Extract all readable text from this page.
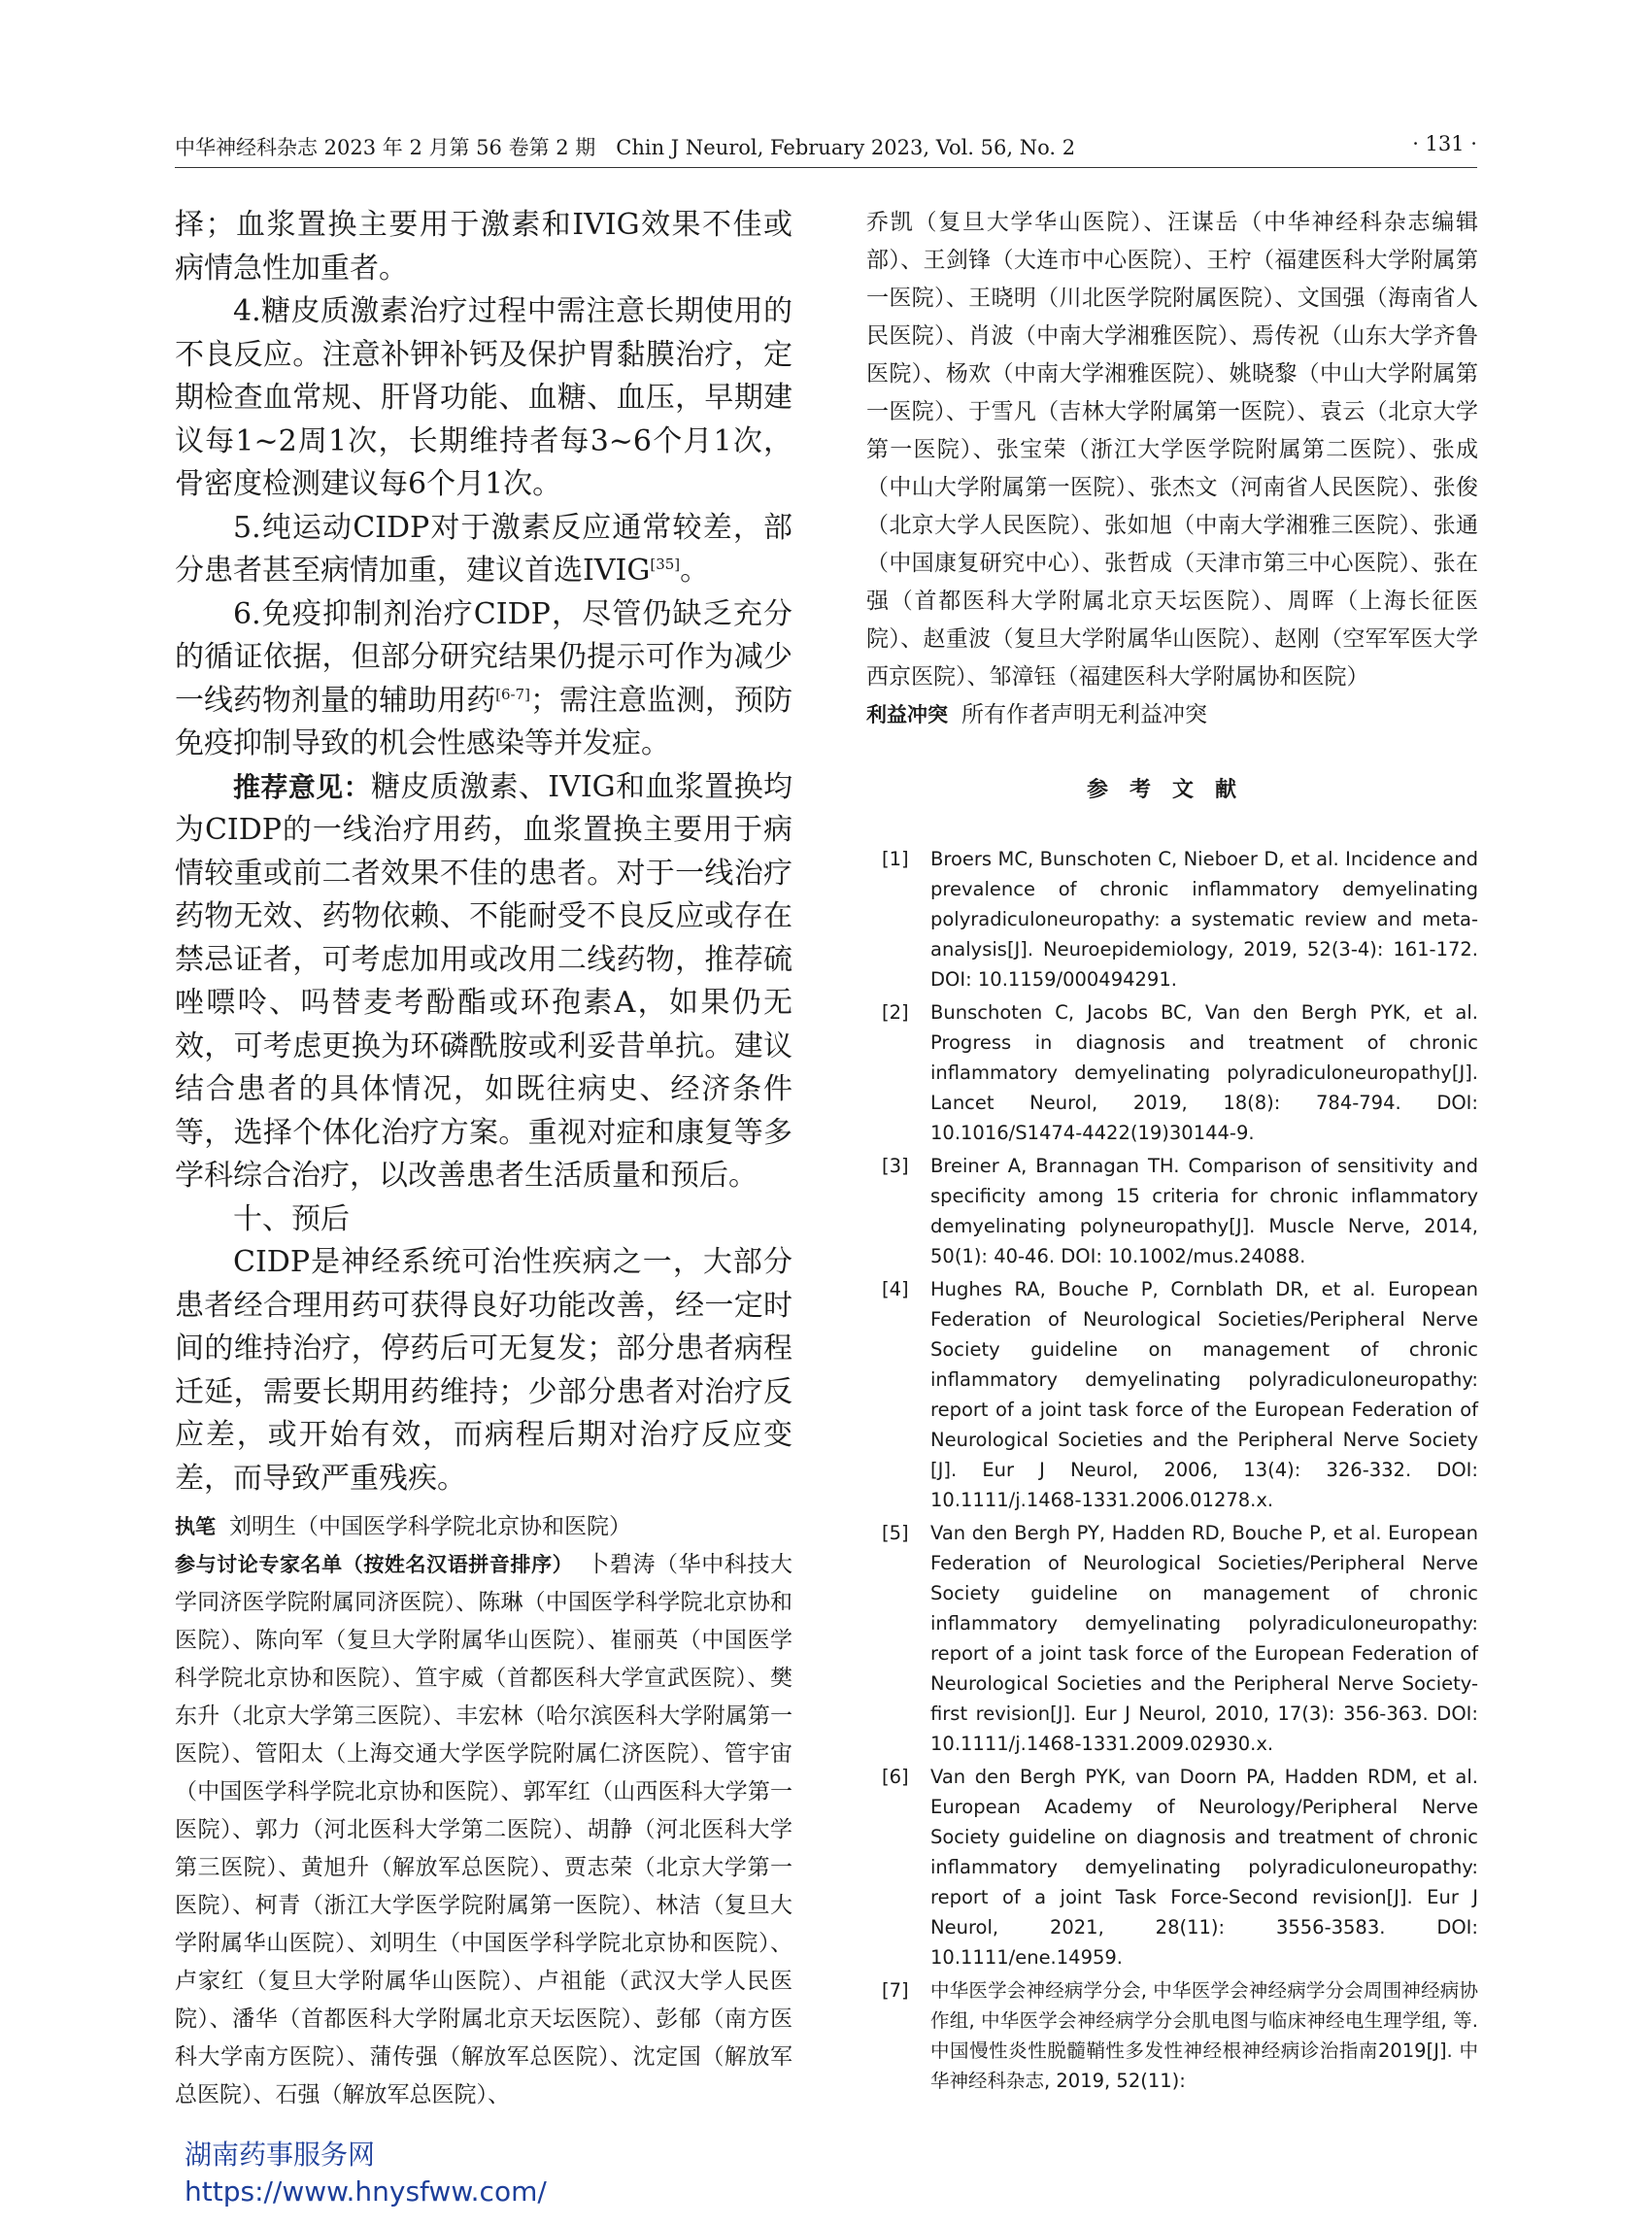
中华神经科杂志 2023 年 2 月第 56 卷第 2 期　Chin J Neurol, February 2023, Vol. 56, No. 2	· 131 ·

择；血浆置换主要用于激素和IVIG效果不佳或病情急性加重者。

4.糖皮质激素治疗过程中需注意长期使用的不良反应。注意补钾补钙及保护胃黏膜治疗，定期检查血常规、肝肾功能、血糖、血压，早期建议每1~2周1次，长期维持者每3~6个月1次，骨密度检测建议每6个月1次。

5.纯运动CIDP对于激素反应通常较差，部分患者甚至病情加重，建议首选IVIG[35]。

6.免疫抑制剂治疗CIDP，尽管仍缺乏充分的循证依据，但部分研究结果仍提示可作为减少一线药物剂量的辅助用药[6-7]；需注意监测，预防免疫抑制导致的机会性感染等并发症。

推荐意见：糖皮质激素、IVIG和血浆置换均为CIDP的一线治疗用药，血浆置换主要用于病情较重或前二者效果不佳的患者。对于一线治疗药物无效、药物依赖、不能耐受不良反应或存在禁忌证者，可考虑加用或改用二线药物，推荐硫唑嘌呤、吗替麦考酚酯或环孢素A，如果仍无效，可考虑更换为环磷酰胺或利妥昔单抗。建议结合患者的具体情况，如既往病史、经济条件等，选择个体化治疗方案。重视对症和康复等多学科综合治疗，以改善患者生活质量和预后。

十、预后

CIDP是神经系统可治性疾病之一，大部分患者经合理用药可获得良好功能改善，经一定时间的维持治疗，停药后可无复发；部分患者病程迁延，需要长期用药维持；少部分患者对治疗反应差，或开始有效，而病程后期对治疗反应变差，而导致严重残疾。

执笔 刘明生（中国医学科学院北京协和医院）

参与讨论专家名单（按姓名汉语拼音排序） 卜碧涛（华中科技大学同济医学院附属同济医院）、陈琳（中国医学科学院北京协和医院）、陈向军（复旦大学附属华山医院）、崔丽英（中国医学科学院北京协和医院）、笪宇威（首都医科大学宣武医院）、樊东升（北京大学第三医院）、丰宏林（哈尔滨医科大学附属第一医院）、管阳太（上海交通大学医学院附属仁济医院）、管宇宙（中国医学科学院北京协和医院）、郭军红（山西医科大学第一医院）、郭力（河北医科大学第二医院）、胡静（河北医科大学第三医院）、黄旭升（解放军总医院）、贾志荣（北京大学第一医院）、柯青（浙江大学医学院附属第一医院）、林洁（复旦大学附属华山医院）、刘明生（中国医学科学院北京协和医院）、卢家红（复旦大学附属华山医院）、卢祖能（武汉大学人民医院）、潘华（首都医科大学附属北京天坛医院）、彭郁（南方医科大学南方医院）、蒲传强（解放军总医院）、沈定国（解放军总医院）、石强（解放军总医院）、

乔凯（复旦大学华山医院）、汪谋岳（中华神经科杂志编辑部）、王剑锋（大连市中心医院）、王柠（福建医科大学附属第一医院）、王晓明（川北医学院附属医院）、文国强（海南省人民医院）、肖波（中南大学湘雅医院）、焉传祝（山东大学齐鲁医院）、杨欢（中南大学湘雅医院）、姚晓黎（中山大学附属第一医院）、于雪凡（吉林大学附属第一医院）、袁云（北京大学第一医院）、张宝荣（浙江大学医学院附属第二医院）、张成（中山大学附属第一医院）、张杰文（河南省人民医院）、张俊（北京大学人民医院）、张如旭（中南大学湘雅三医院）、张通（中国康复研究中心）、张哲成（天津市第三中心医院）、张在强（首都医科大学附属北京天坛医院）、周晖（上海长征医院）、赵重波（复旦大学附属华山医院）、赵刚（空军军医大学西京医院）、邹漳钰（福建医科大学附属协和医院）

利益冲突 所有作者声明无利益冲突

参考文献
[1]	Broers MC, Bunschoten C, Nieboer D, et al. Incidence and prevalence of chronic inflammatory demyelinating polyradiculoneuropathy: a systematic review and meta-analysis[J]. Neuroepidemiology, 2019, 52(3-4): 161-172. DOI: 10.1159/000494291.
[2]	Bunschoten C, Jacobs BC, Van den Bergh PYK, et al. Progress in diagnosis and treatment of chronic inflammatory demyelinating polyradiculoneuropathy[J]. Lancet Neurol, 2019, 18(8): 784-794. DOI: 10.1016/S1474-4422(19)30144-9.
[3]	Breiner A, Brannagan TH. Comparison of sensitivity and specificity among 15 criteria for chronic inflammatory demyelinating polyneuropathy[J]. Muscle Nerve, 2014, 50(1): 40-46. DOI: 10.1002/mus.24088.
[4]	Hughes RA, Bouche P, Cornblath DR, et al. European Federation of Neurological Societies/Peripheral Nerve Society guideline on management of chronic inflammatory demyelinating polyradiculoneuropathy: report of a joint task force of the European Federation of Neurological Societies and the Peripheral Nerve Society [J]. Eur J Neurol, 2006, 13(4): 326-332. DOI: 10.1111/j.1468-1331.2006.01278.x.
[5]	Van den Bergh PY, Hadden RD, Bouche P, et al. European Federation of Neurological Societies/Peripheral Nerve Society guideline on management of chronic inflammatory demyelinating polyradiculoneuropathy: report of a joint task force of the European Federation of Neurological Societies and the Peripheral Nerve Society-first revision[J]. Eur J Neurol, 2010, 17(3): 356-363. DOI: 10.1111/j.1468-1331.2009.02930.x.
[6]	Van den Bergh PYK, van Doorn PA, Hadden RDM, et al. European Academy of Neurology/Peripheral Nerve Society guideline on diagnosis and treatment of chronic inflammatory demyelinating polyradiculoneuropathy: report of a joint Task Force-Second revision[J]. Eur J Neurol, 2021, 28(11): 3556-3583. DOI: 10.1111/ene.14959.
[7]	中华医学会神经病学分会, 中华医学会神经病学分会周围神经病协作组, 中华医学会神经病学分会肌电图与临床神经电生理学组, 等. 中国慢性炎性脱髓鞘性多发性神经根神经病诊治指南2019[J]. 中华神经科杂志, 2019, 52(11):
湖南药事服务网
https://www.hnysfww.com/
